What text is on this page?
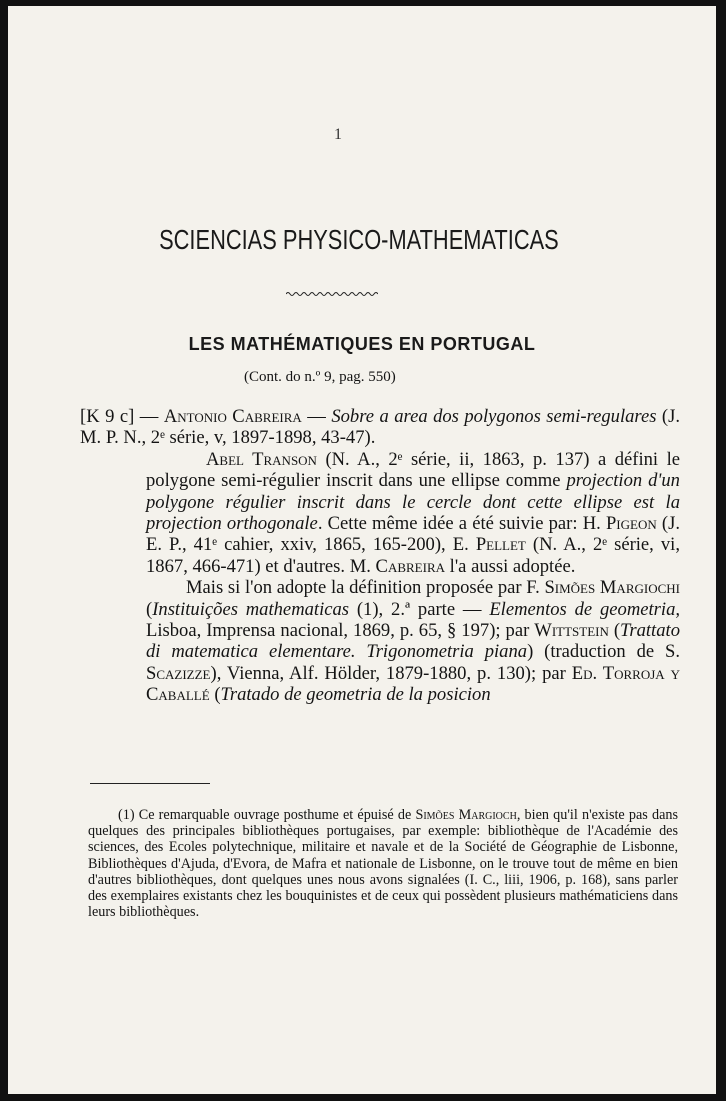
1
SCIENCIAS PHYSICO-MATHEMATICAS
LES MATHÉMATIQUES EN PORTUGAL
(Cont. do n.º 9, pag. 550)

[K 9 c] — Antonio Cabreira — Sobre a area dos polygonos semi-regulares (J. M. P. N., 2ᵉ série, v, 1897-1898, 43-47).

Abel Transon (N. A., 2ᵉ série, ii, 1863, p. 137) a défini le polygone semi-régulier inscrit dans une ellipse comme projection d'un polygone régulier inscrit dans le cercle dont cette ellipse est la projection orthogonale. Cette même idée a été suivie par: H. Pigeon (J. E. P., 41ᵉ cahier, xxiv, 1865, 165-200), E. Pellet (N. A., 2ᵉ série, vi, 1867, 466-471) et d'autres. M. Cabreira l'a aussi adoptée.

Mais si l'on adopte la définition proposée par F. Simões Margiochi (Instituições mathematicas (1), 2.ª parte — Elementos de geometria, Lisboa, Imprensa nacional, 1869, p. 65, § 197); par Wittstein (Trattato di matematica elementare. Trigonometria piana) (traduction de S. Scazizze), Vienna, Alf. Hölder, 1879-1880, p. 130); par Ed. Torroja y Caballé (Tratado de geometria de la posicion

(1) Ce remarquable ouvrage posthume et épuisé de Simões Margioch, bien qu'il n'existe pas dans quelques des principales bibliothèques portugaises, par exemple: bibliothèque de l'Académie des sciences, des Ecoles polytechnique, militaire et navale et de la Société de Géographie de Lisbonne, Bibliothèques d'Ajuda, d'Evora, de Mafra et nationale de Lisbonne, on le trouve tout de même en bien d'autres bibliothèques, dont quelques unes nous avons signalées (I. C., liii, 1906, p. 168), sans parler des exemplaires existants chez les bouquinistes et de ceux qui possèdent plusieurs mathématiciens dans leurs bibliothèques.
